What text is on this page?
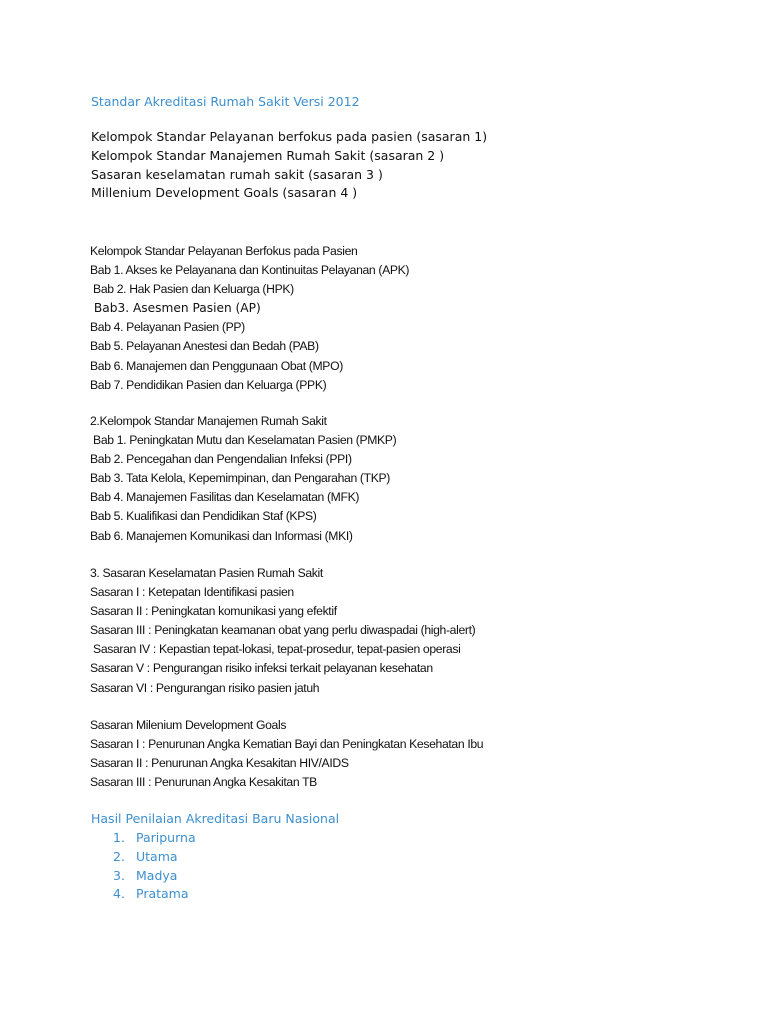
Standar Akreditasi Rumah Sakit Versi 2012
Kelompok Standar Pelayanan berfokus pada pasien (sasaran 1)
Kelompok Standar Manajemen Rumah Sakit (sasaran 2 )
Sasaran keselamatan rumah sakit (sasaran 3 )
Millenium Development Goals (sasaran 4 )
Kelompok Standar Pelayanan Berfokus pada Pasien
Bab 1. Akses ke Pelayanana dan Kontinuitas Pelayanan (APK)
Bab 2. Hak Pasien dan Keluarga (HPK)
Bab3. Asesmen Pasien (AP)
Bab 4. Pelayanan Pasien (PP)
Bab 5. Pelayanan Anestesi dan Bedah (PAB)
Bab 6. Manajemen dan Penggunaan Obat (MPO)
Bab 7. Pendidikan Pasien dan Keluarga (PPK)
2.Kelompok Standar Manajemen Rumah Sakit
Bab 1. Peningkatan Mutu dan Keselamatan Pasien (PMKP)
Bab 2. Pencegahan dan Pengendalian Infeksi (PPI)
Bab 3. Tata Kelola, Kepemimpinan, dan Pengarahan (TKP)
Bab 4. Manajemen Fasilitas dan Keselamatan (MFK)
Bab 5. Kualifikasi dan Pendidikan Staf (KPS)
Bab 6. Manajemen Komunikasi dan Informasi (MKI)
3. Sasaran Keselamatan Pasien Rumah Sakit
Sasaran I : Ketepatan Identifikasi pasien
Sasaran II : Peningkatan komunikasi yang efektif
Sasaran III : Peningkatan keamanan obat yang perlu diwaspadai (high-alert)
Sasaran IV : Kepastian tepat-lokasi, tepat-prosedur, tepat-pasien operasi
Sasaran V : Pengurangan risiko infeksi terkait pelayanan kesehatan
Sasaran VI : Pengurangan risiko pasien jatuh
Sasaran Milenium Development Goals
Sasaran I : Penurunan Angka Kematian Bayi dan Peningkatan Kesehatan Ibu
Sasaran II : Penurunan Angka Kesakitan HIV/AIDS
Sasaran III : Penurunan Angka Kesakitan TB
Hasil Penilaian Akreditasi Baru Nasional
1. Paripurna
2. Utama
3. Madya
4. Pratama
